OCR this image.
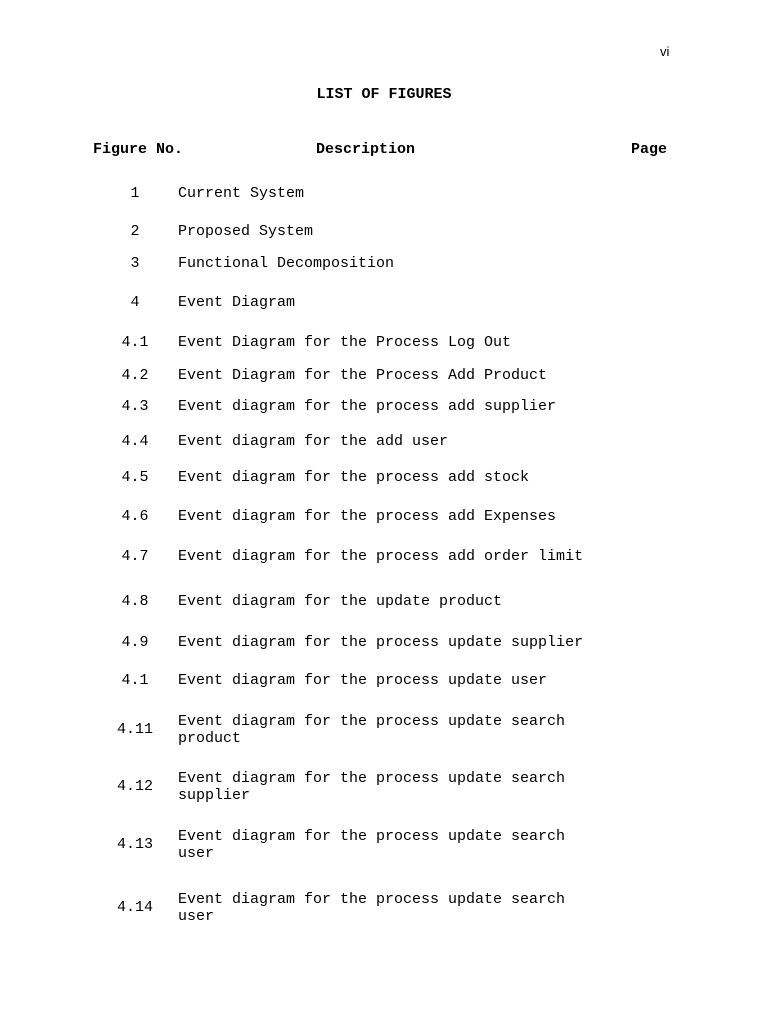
vi
LIST OF FIGURES
Figure No.	Description	Page
1	Current System
2	Proposed System
3	Functional Decomposition
4	Event Diagram
4.1	Event Diagram for the Process Log Out
4.2	Event Diagram for the Process Add Product
4.3	Event diagram for the process add supplier
4.4	Event diagram for the add user
4.5	Event diagram for the process add stock
4.6	Event diagram for the process add Expenses
4.7	Event diagram for the process add order limit
4.8	Event diagram for the update product
4.9	Event diagram for the process update supplier
4.1	Event diagram for the process update user
4.11	Event diagram for the process update search product
4.12	Event diagram for the process update search supplier
4.13	Event diagram for the process update search user
4.14	Event diagram for the process update search user
